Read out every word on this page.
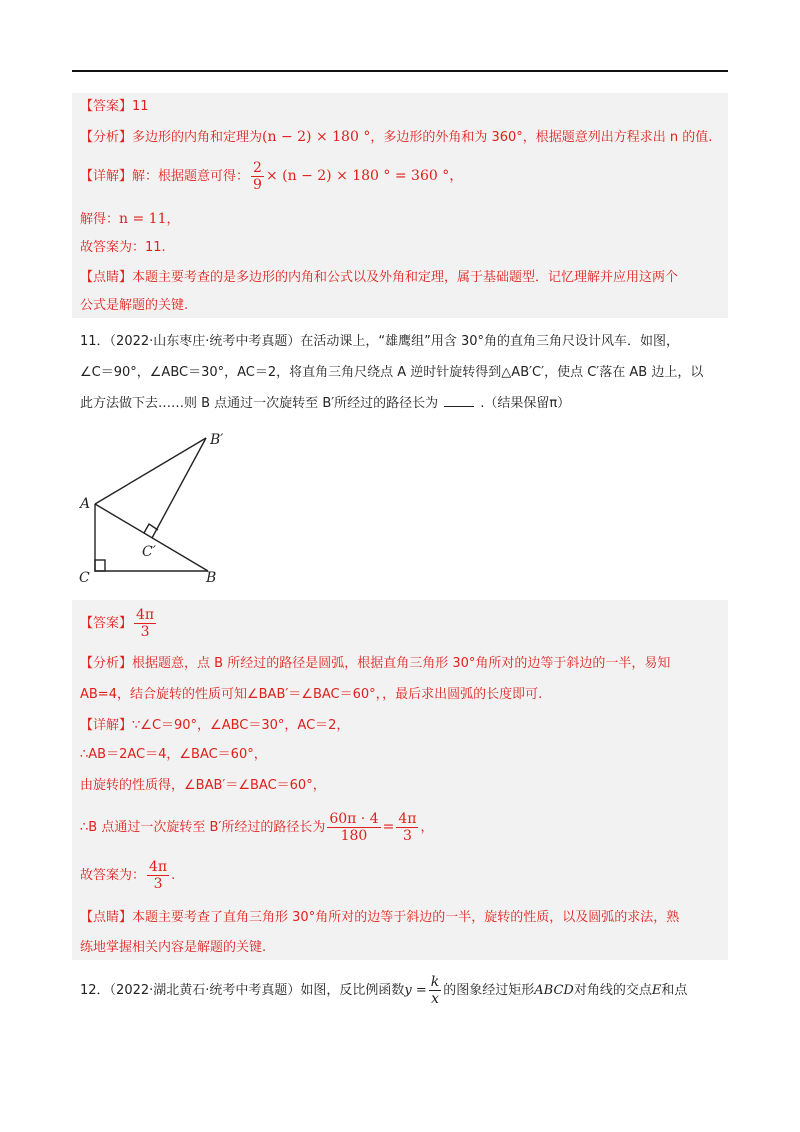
【答案】11
【分析】多边形的内角和定理为(n − 2) × 180 °，多边形的外角和为 360°，根据题意列出方程求出 n 的值.
【详解】解：根据题意可得： $\frac{2}{9} \times (n - 2) \times 180$ ° = 360 °，
解得：n = 11，
故答案为：11.
【点睛】本题主要考查的是多边形的内角和公式以及外角和定理，属于基础题型．记忆理解并应用这两个
公式是解题的关键.
11．（2022·山东枣庄·统考中考真题）在活动课上，“雄鹰组”用含 30°角的直角三角尺设计风车．如图，
∠C＝90°，∠ABC＝30°，AC＝2，将直角三角尺绕点 A 逆时针旋转得到△AB′C′，使点 C′落在 AB 边上，以
此方法做下去……则 B 点通过一次旋转至 B′所经过的路径长为	.（结果保留π）
A
B
C
B′
C′
【答案】 $\frac{4\pi}{3}$
【分析】根据题意，点 B 所经过的路径是圆弧，根据直角三角形 30°角所对的边等于斜边的一半，易知
AB=4，结合旋转的性质可知∠BAB′＝∠BAC＝60°，，最后求出圆弧的长度即可.
【详解】∵∠C＝90°，∠ABC＝30°，AC＝2，
∴AB＝2AC＝4，∠BAC＝60°，
由旋转的性质得，∠BAB′＝∠BAC＝60°，
∴B 点通过一次旋转至 B′所经过的路径长为 $\frac{60\pi \cdot 4}{180} = \frac{4\pi}{3}$ ，
故答案为： $\frac{4\pi}{3}$ .
【点睛】本题主要考查了直角三角形 30°角所对的边等于斜边的一半，旋转的性质，以及圆弧的求法，熟
练地掌握相关内容是解题的关键.
12．（2022·湖北黄石·统考中考真题）如图，反比例函数$y = \frac{k}{x}$ 的图象经过矩形ABCD对角线的交点E和点
